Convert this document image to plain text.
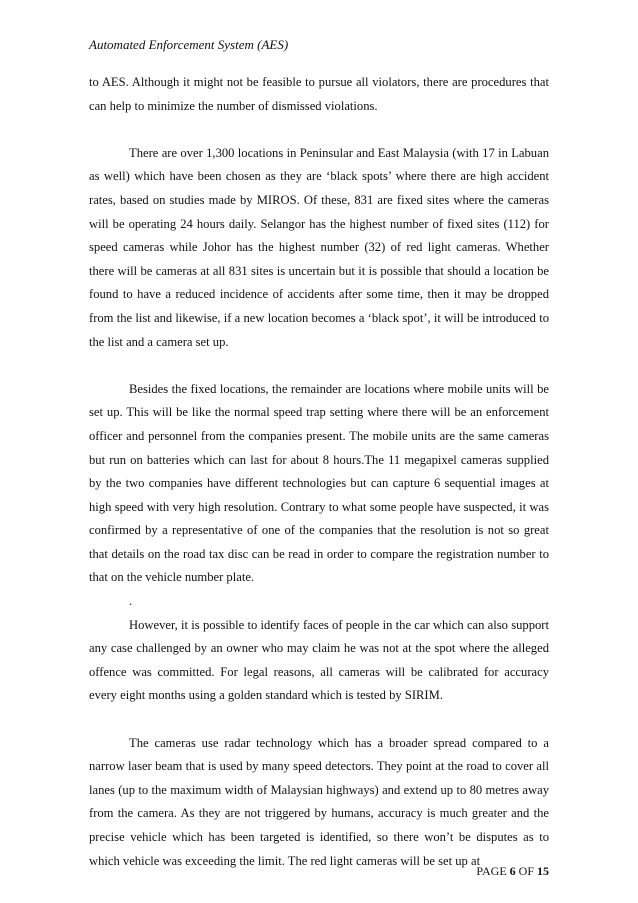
Automated Enforcement System (AES)

to AES. Although it might not be feasible to pursue all violators, there are procedures that can help to minimize the number of dismissed violations.

There are over 1,300 locations in Peninsular and East Malaysia (with 17 in Labuan as well) which have been chosen as they are ‘black spots’ where there are high accident rates, based on studies made by MIROS. Of these, 831 are fixed sites where the cameras will be operating 24 hours daily. Selangor has the highest number of fixed sites (112) for speed cameras while Johor has the highest number (32) of red light cameras. Whether there will be cameras at all 831 sites is uncertain but it is possible that should a location be found to have a reduced incidence of accidents after some time, then it may be dropped from the list and likewise, if a new location becomes a ‘black spot’, it will be introduced to the list and a camera set up.

Besides the fixed locations, the remainder are locations where mobile units will be set up. This will be like the normal speed trap setting where there will be an enforcement officer and personnel from the companies present. The mobile units are the same cameras but run on batteries which can last for about 8 hours.The 11 megapixel cameras supplied by the two companies have different technologies but can capture 6 sequential images at high speed with very high resolution. Contrary to what some people have suspected, it was confirmed by a representative of one of the companies that the resolution is not so great that details on the road tax disc can be read in order to compare the registration number to that on the vehicle number plate.

.

However, it is possible to identify faces of people in the car which can also support any case challenged by an owner who may claim he was not at the spot where the alleged offence was committed. For legal reasons, all cameras will be calibrated for accuracy every eight months using a golden standard which is tested by SIRIM.

The cameras use radar technology which has a broader spread compared to a narrow laser beam that is used by many speed detectors. They point at the road to cover all lanes (up to the maximum width of Malaysian highways) and extend up to 80 metres away from the camera. As they are not triggered by humans, accuracy is much greater and the precise vehicle which has been targeted is identified, so there won’t be disputes as to which vehicle was exceeding the limit. The red light cameras will be set up at

PAGE 6 OF 15
